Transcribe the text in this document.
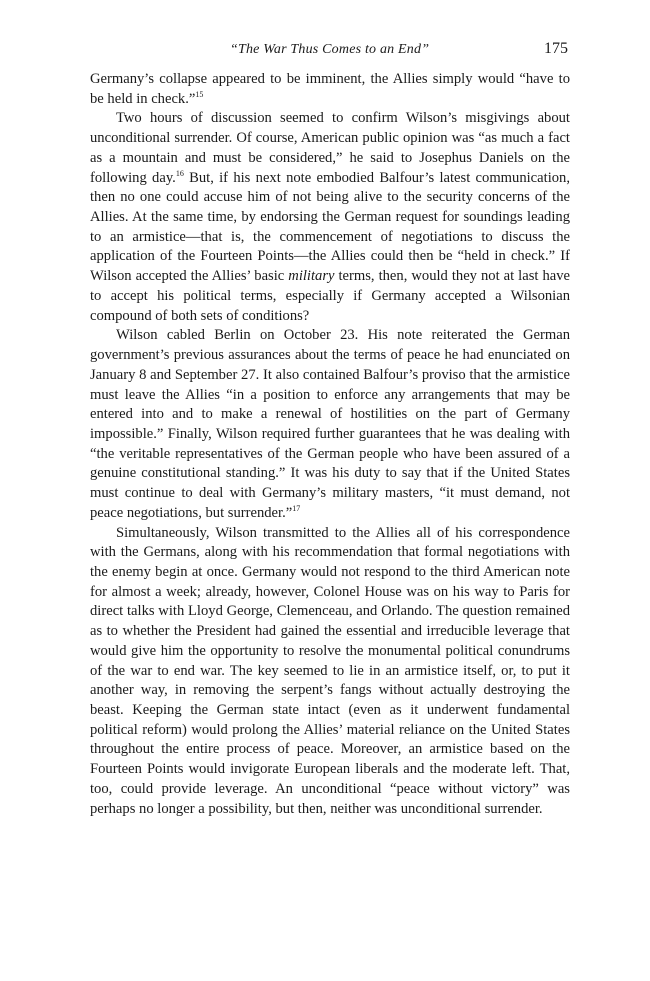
“The War Thus Comes to an End”	175

Germany’s collapse appeared to be imminent, the Allies simply would “have to be held in check.”$^{15}$

Two hours of discussion seemed to confirm Wilson’s misgivings about unconditional surrender. Of course, American public opinion was “as much a fact as a mountain and must be considered,” he said to Josephus Daniels on the following day.$^{16}$ But, if his next note embodied Balfour’s latest communication, then no one could accuse him of not being alive to the security concerns of the Allies. At the same time, by endorsing the German request for soundings leading to an armistice—that is, the commencement of negotiations to discuss the application of the Fourteen Points—the Allies could then be “held in check.” If Wilson accepted the Allies’ basic military terms, then, would they not at last have to accept his political terms, especially if Germany accepted a Wilsonian compound of both sets of conditions?

Wilson cabled Berlin on October 23. His note reiterated the German government’s previous assurances about the terms of peace he had enunciated on January 8 and September 27. It also contained Balfour’s proviso that the armistice must leave the Allies “in a position to enforce any arrangements that may be entered into and to make a renewal of hostilities on the part of Germany impossible.” Finally, Wilson required further guarantees that he was dealing with “the veritable representatives of the German people who have been assured of a genuine constitutional standing.” It was his duty to say that if the United States must continue to deal with Germany’s military masters, “it must demand, not peace negotiations, but surrender.”$^{17}$

Simultaneously, Wilson transmitted to the Allies all of his correspondence with the Germans, along with his recommendation that formal negotiations with the enemy begin at once. Germany would not respond to the third American note for almost a week; already, however, Colonel House was on his way to Paris for direct talks with Lloyd George, Clemenceau, and Orlando. The question remained as to whether the President had gained the essential and irreducible leverage that would give him the opportunity to resolve the monumental political conundrums of the war to end war. The key seemed to lie in an armistice itself, or, to put it another way, in removing the serpent’s fangs without actually destroying the beast. Keeping the German state intact (even as it underwent fundamental political reform) would prolong the Allies’ material reliance on the United States throughout the entire process of peace. Moreover, an armistice based on the Fourteen Points would invigorate European liberals and the moderate left. That, too, could provide leverage. An unconditional “peace without victory” was perhaps no longer a possibility, but then, neither was unconditional surrender.
